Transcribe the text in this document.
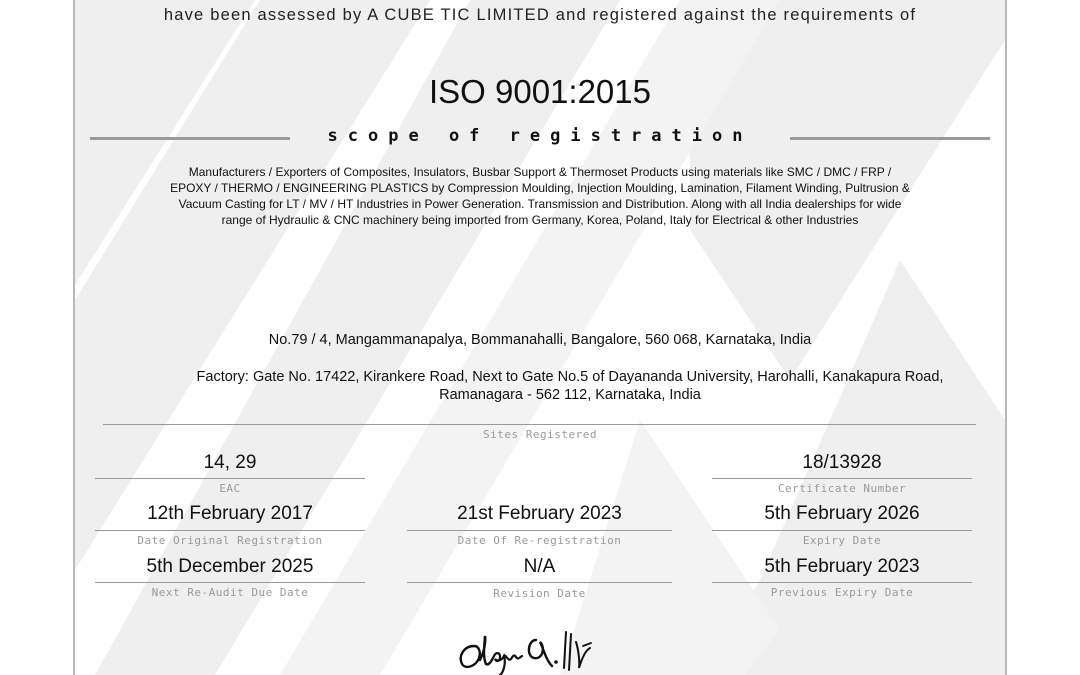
have been assessed by A CUBE TIC LIMITED and registered against the requirements of
ISO 9001:2015
scope of registration
Manufacturers / Exporters of Composites, Insulators, Busbar Support & Thermoset Products using materials like SMC / DMC / FRP /
EPOXY / THERMO / ENGINEERING PLASTICS by Compression Moulding, Injection Moulding, Lamination, Filament Winding, Pultrusion &
Vacuum Casting for LT / MV / HT Industries in Power Generation. Transmission and Distribution. Along with all India dealerships for wide
range of Hydraulic & CNC machinery being imported from Germany, Korea, Poland, Italy for Electrical & other Industries
No.79 / 4, Mangammanapalya, Bommanahalli, Bangalore, 560 068, Karnataka, India
Factory: Gate No. 17422, Kirankere Road, Next to Gate No.5 of Dayananda University, Harohalli, Kanakapura Road,
Ramanagara - 562 112, Karnataka, India
Sites Registered
14, 29
EAC
18/13928
Certificate Number
12th February 2017
Date Original Registration
21st February 2023
Date Of Re-registration
5th February 2026
Expiry Date
5th December 2025
Next Re-Audit Due Date
N/A
Revision Date
5th February 2023
Previous Expiry Date
